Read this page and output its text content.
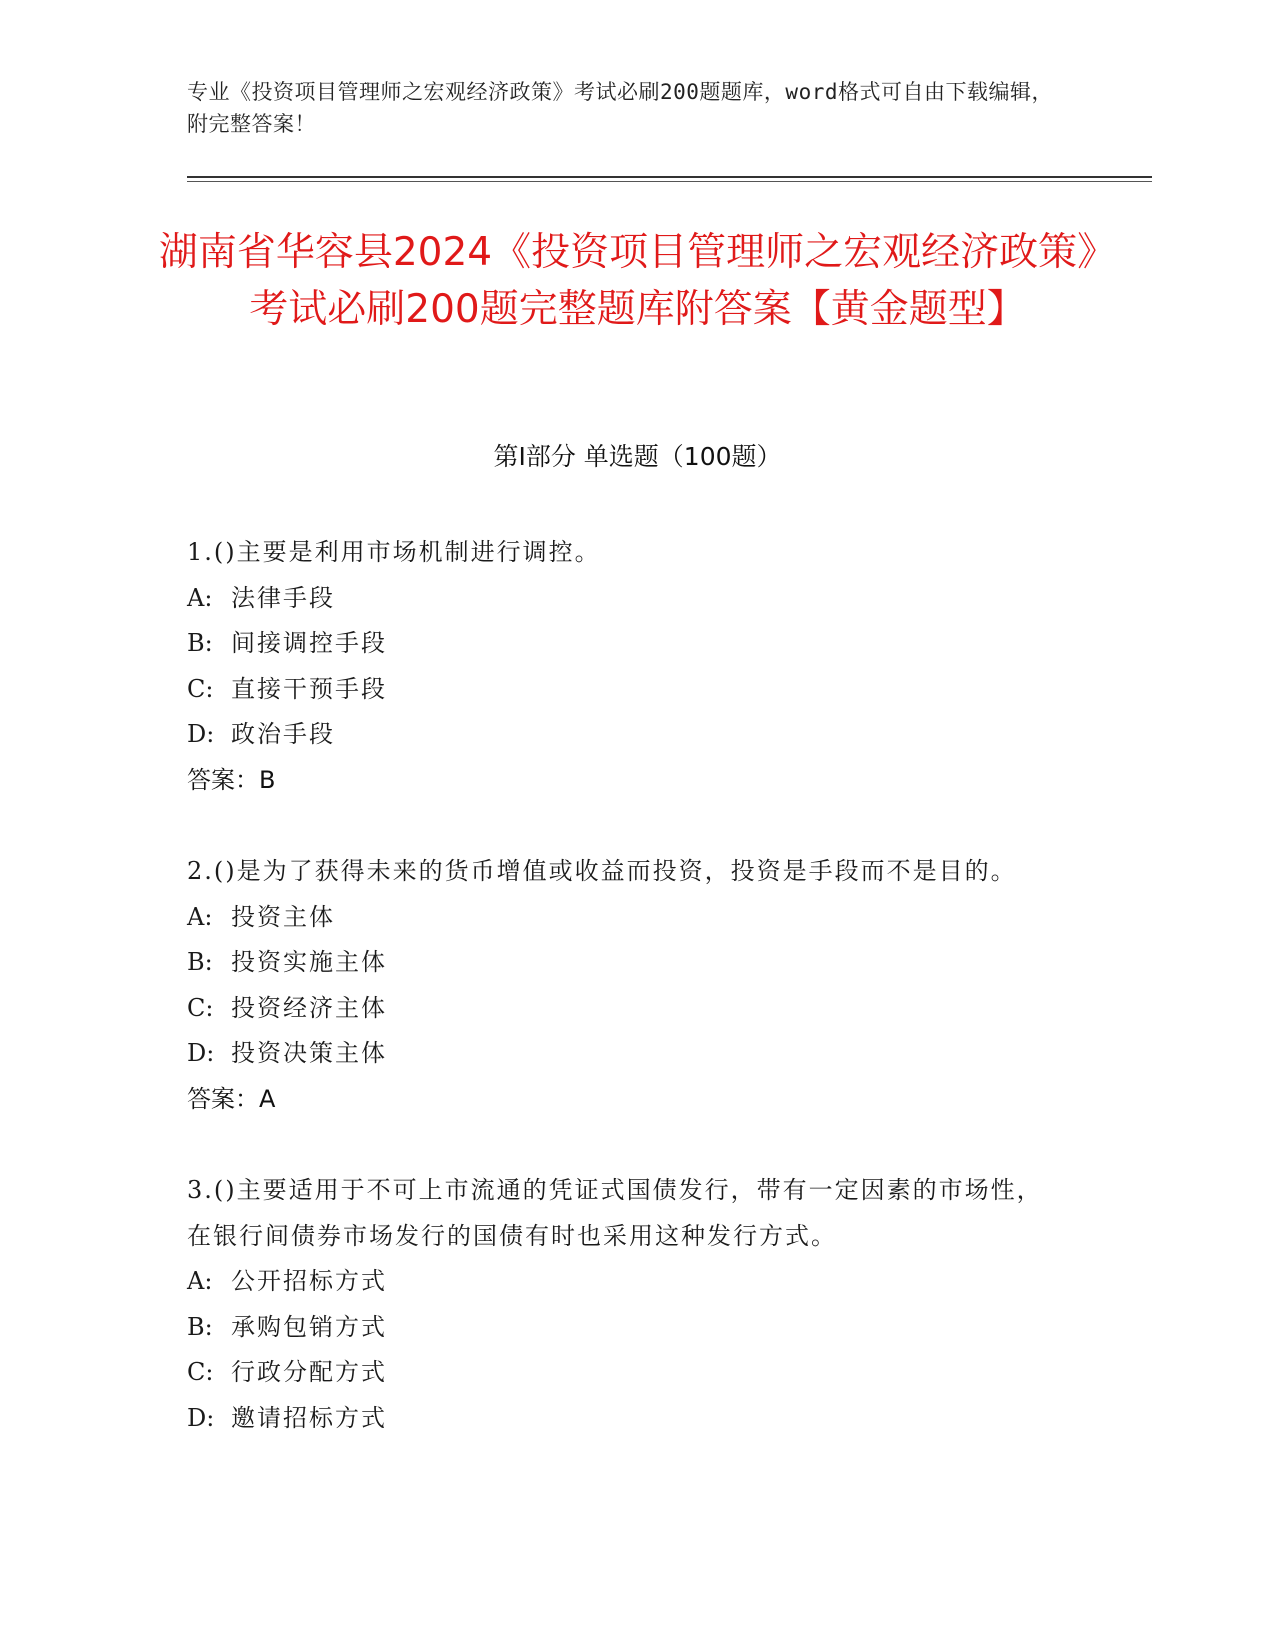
专业《投资项目管理师之宏观经济政策》考试必刷200题题库，word格式可自由下载编辑，附完整答案！
湖南省华容县2024《投资项目管理师之宏观经济政策》考试必刷200题完整题库附答案【黄金题型】
第I部分 单选题（100题）
1.()主要是利用市场机制进行调控。
A: 法律手段
B: 间接调控手段
C: 直接干预手段
D: 政治手段
答案：B
2.()是为了获得未来的货币增值或收益而投资，投资是手段而不是目的。
A: 投资主体
B: 投资实施主体
C: 投资经济主体
D: 投资决策主体
答案：A
3.()主要适用于不可上市流通的凭证式国债发行，带有一定因素的市场性，在银行间债券市场发行的国债有时也采用这种发行方式。
A: 公开招标方式
B: 承购包销方式
C: 行政分配方式
D: 邀请招标方式
